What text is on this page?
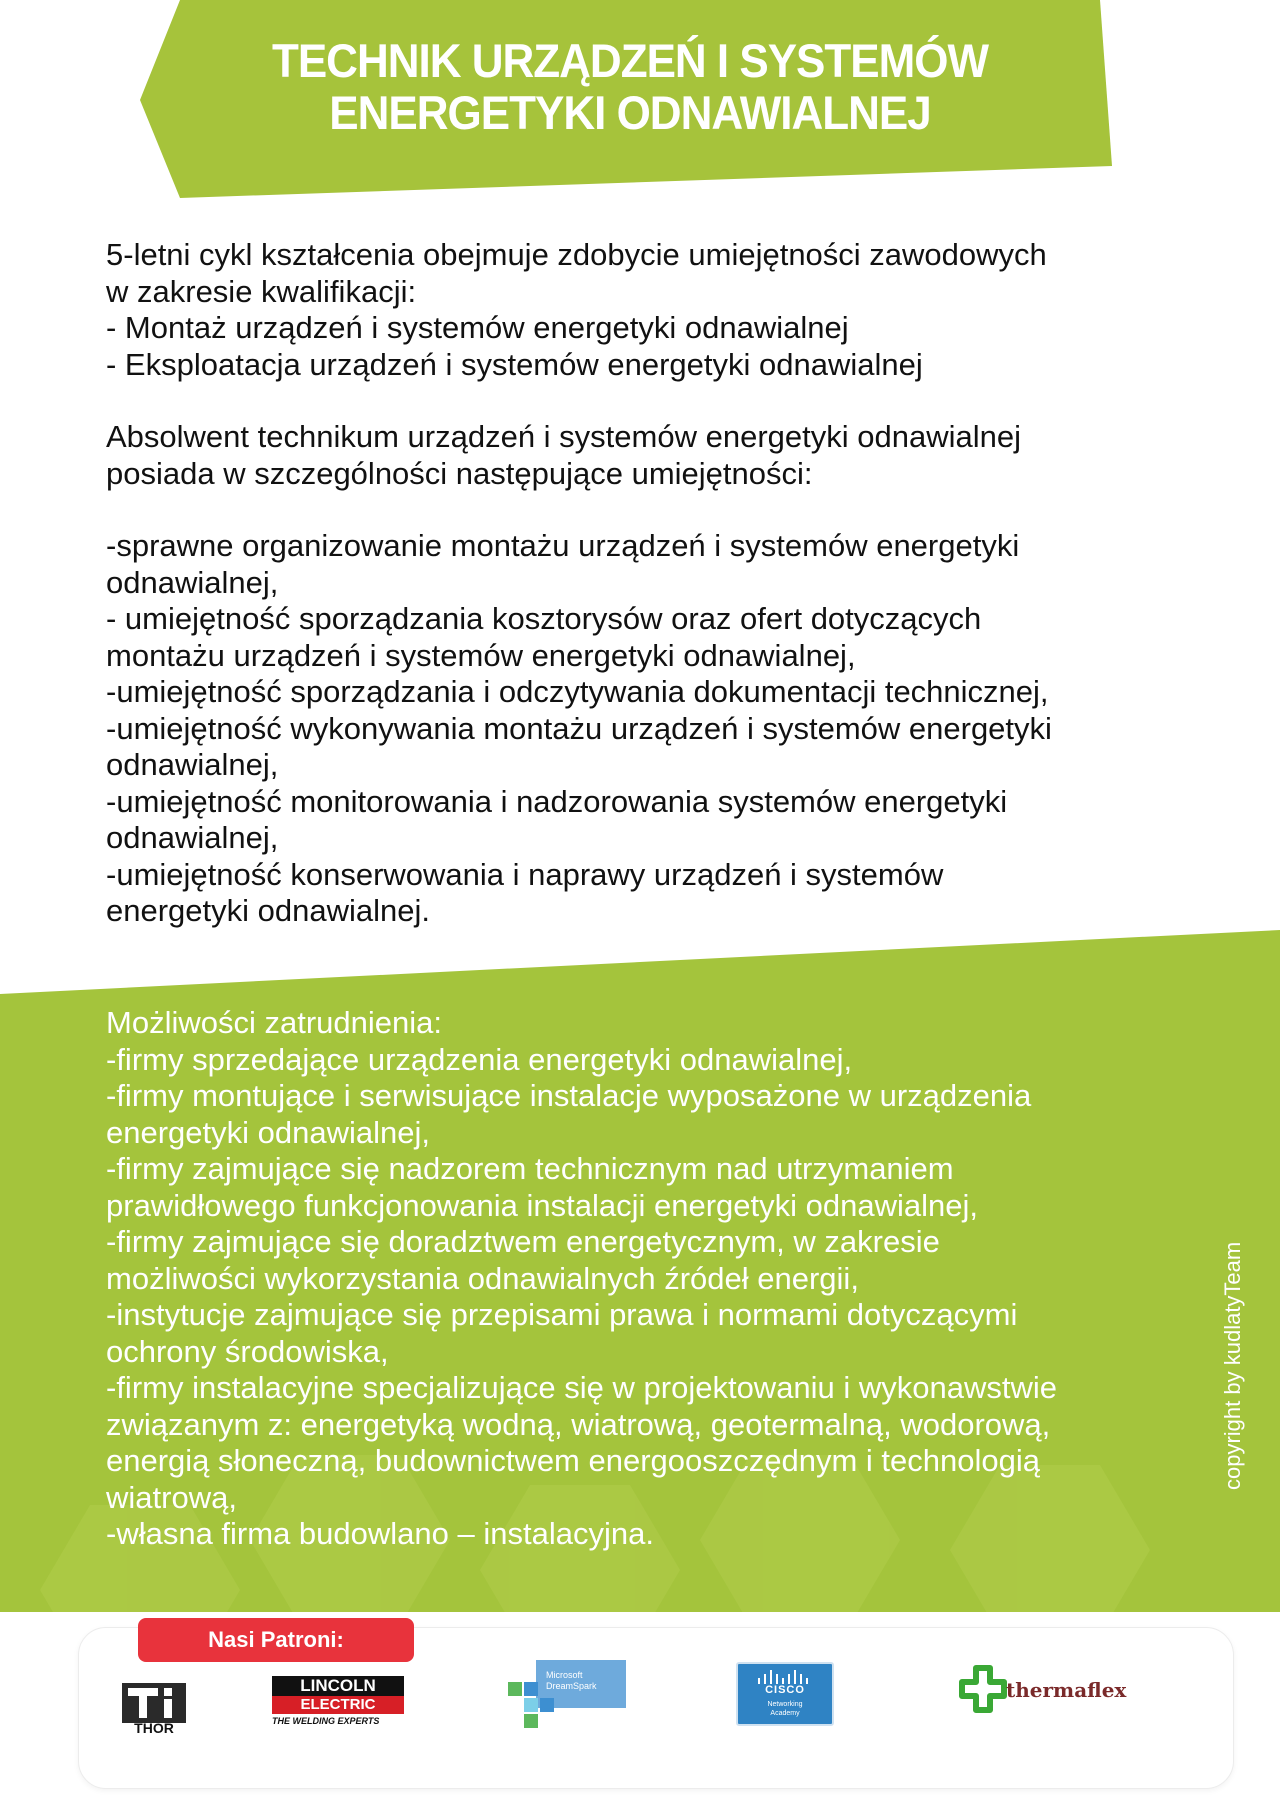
TECHNIK URZĄDZEŃ I SYSTEMÓW
ENERGETYKI ODNAWIALNEJ

5-letni cykl kształcenia obejmuje zdobycie umiejętności zawodowych

w zakresie kwalifikacji:

- Montaż urządzeń i systemów energetyki odnawialnej

- Eksploatacja urządzeń i systemów energetyki odnawialnej

Absolwent technikum urządzeń i systemów energetyki odnawialnej

posiada w szczególności następujące umiejętności:

-sprawne organizowanie montażu urządzeń i systemów energetyki

odnawialnej,

- umiejętność sporządzania kosztorysów oraz ofert dotyczących

montażu urządzeń i systemów energetyki odnawialnej,

-umiejętność sporządzania i odczytywania dokumentacji technicznej,

-umiejętność wykonywania montażu urządzeń i systemów energetyki

odnawialnej,

-umiejętność monitorowania i nadzorowania systemów energetyki

odnawialnej,

-umiejętność konserwowania i naprawy urządzeń i systemów

energetyki odnawialnej.

Możliwości zatrudnienia:

-firmy sprzedające urządzenia energetyki odnawialnej,

-firmy montujące i serwisujące instalacje wyposażone w urządzenia

energetyki odnawialnej,

-firmy zajmujące się nadzorem technicznym nad utrzymaniem

prawidłowego funkcjonowania instalacji energetyki odnawialnej,

-firmy zajmujące się doradztwem energetycznym, w zakresie

możliwości wykorzystania odnawialnych źródeł energii,

-instytucje zajmujące się przepisami prawa i normami dotyczącymi

ochrony środowiska,

-firmy instalacyjne specjalizujące się w projektowaniu i wykonawstwie

związanym z: energetyką wodną, wiatrową, geotermalną, wodorową,

energią słoneczną, budownictwem energooszczędnym i technologią

wiatrową,

-własna firma budowlano – instalacyjna.

copyright by kudlatyTeam
Nasi Patroni:
THOR
LINCOLN
ELECTRIC
THE WELDING EXPERTS
Microsoft
DreamSpark	CISCO
Networking
Academy
thermaflex
